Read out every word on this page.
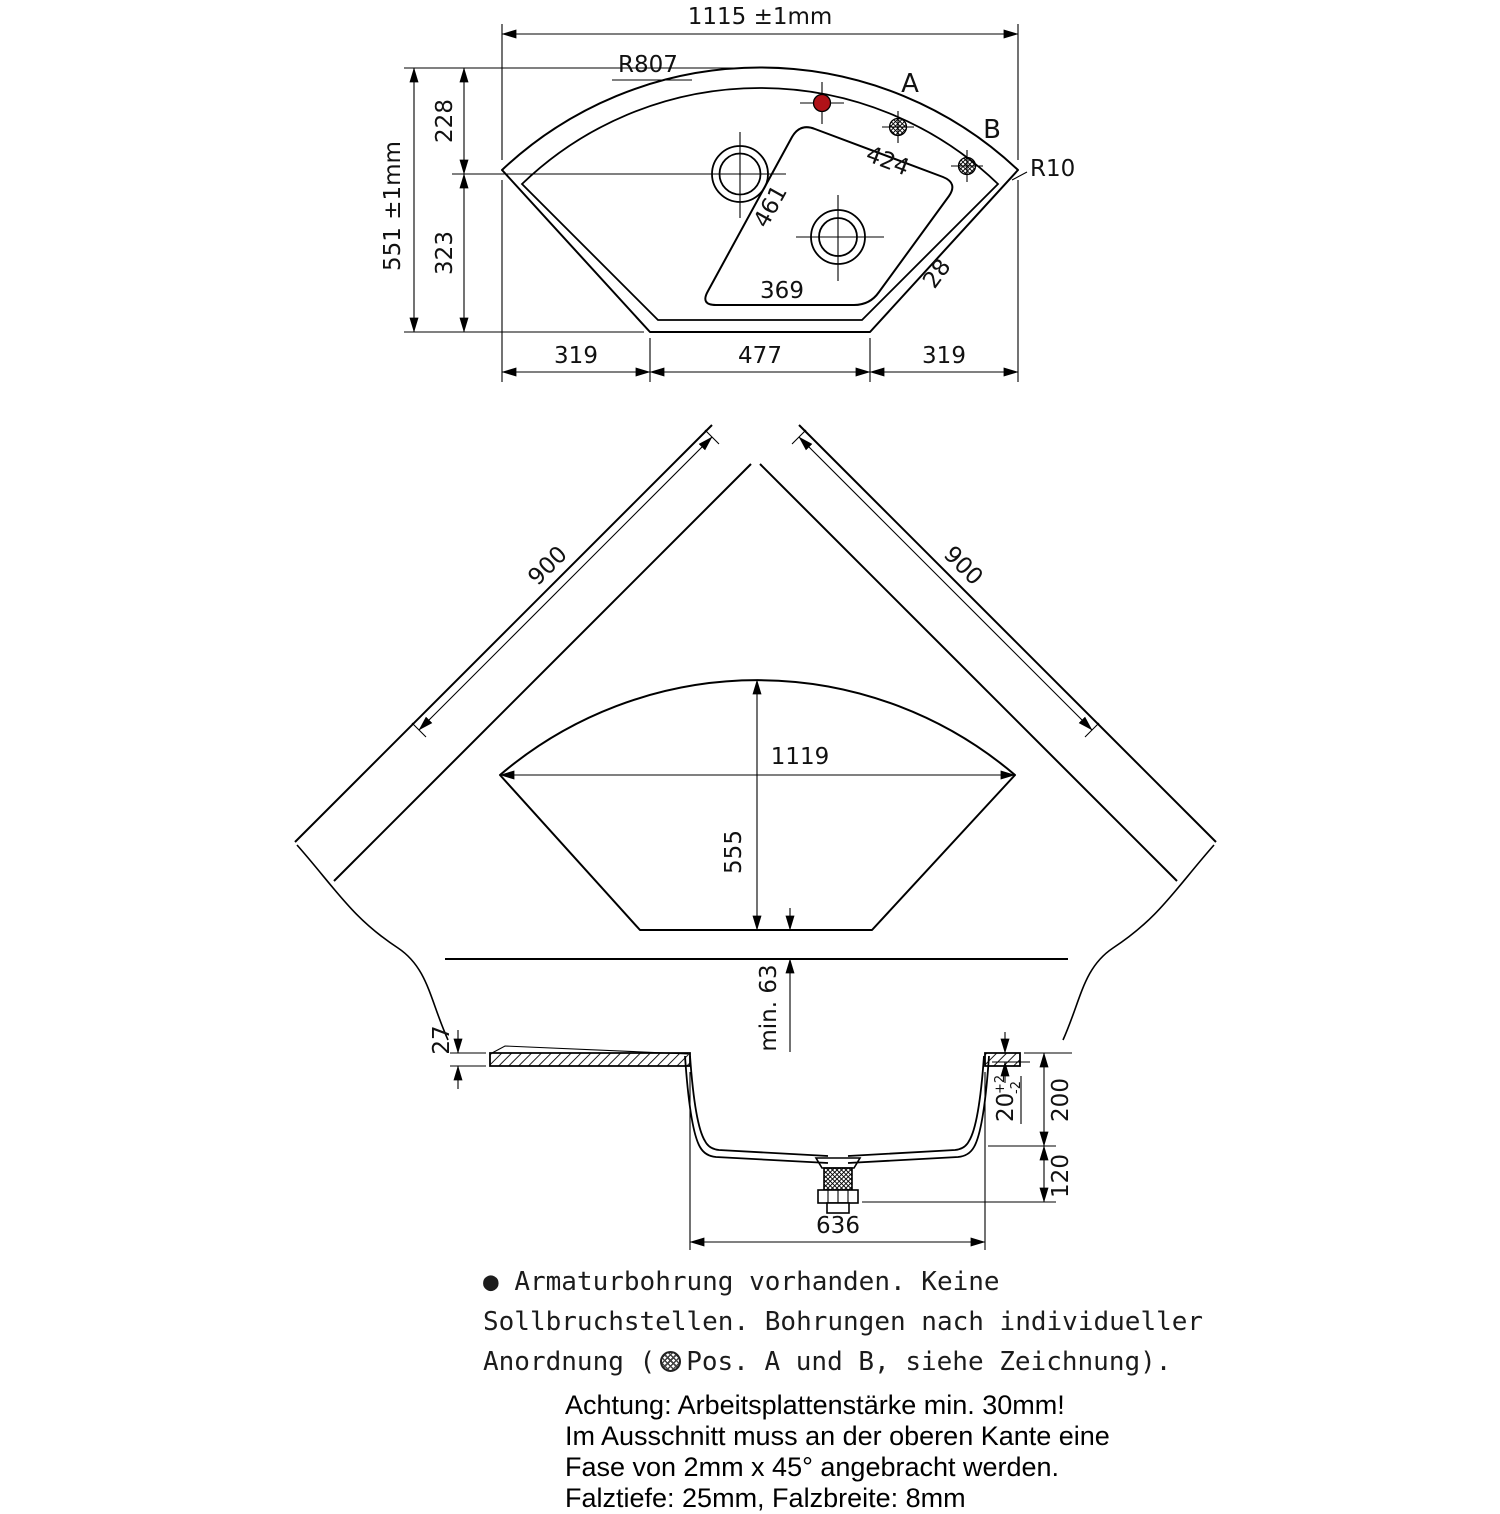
A
B
R807
R10
1115 ±1mm
551 ±1mm
228
323
424
461
369	28
319	477	319
900	900
1119
555
min. 63
27
20
+2 -2 200
120
636
● Armaturbohrung vorhanden. Keine
Sollbruchstellen. Bohrungen nach individueller
Anordnung ( Pos. A und B, siehe Zeichnung).
Achtung: Arbeitsplattenstärke min. 30mm!
Im Ausschnitt muss an der oberen Kante eine
Fase von 2mm x 45° angebracht werden.
Falztiefe: 25mm, Falzbreite: 8mm
